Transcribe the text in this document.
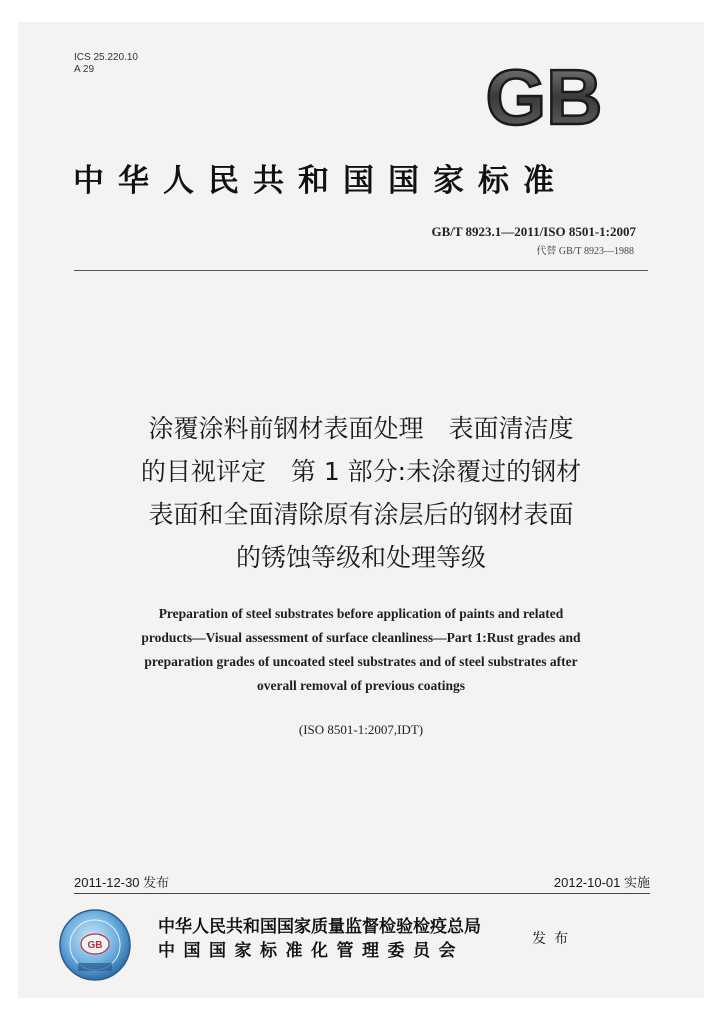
ICS 25.220.10
A 29	GB
中华人民共和国国家标准
GB/T 8923.1—2011/ISO 8501-1:2007
代替 GB/T 8923—1988
涂覆涂料前钢材表面处理　表面清洁度
的目视评定　第 1 部分:未涂覆过的钢材
表面和全面清除原有涂层后的钢材表面
的锈蚀等级和处理等级
Preparation of steel substrates before application of paints and related
products—Visual assessment of surface cleanliness—Part 1:Rust grades and
preparation grades of uncoated steel substrates and of steel substrates after
overall removal of previous coatings
(ISO 8501-1:2007,IDT)
2011-12-30 发布	2012-10-01 实施
GB
中华人民共和国国家质量监督检验检疫总局
中国国家标准化管理委员会
发布
